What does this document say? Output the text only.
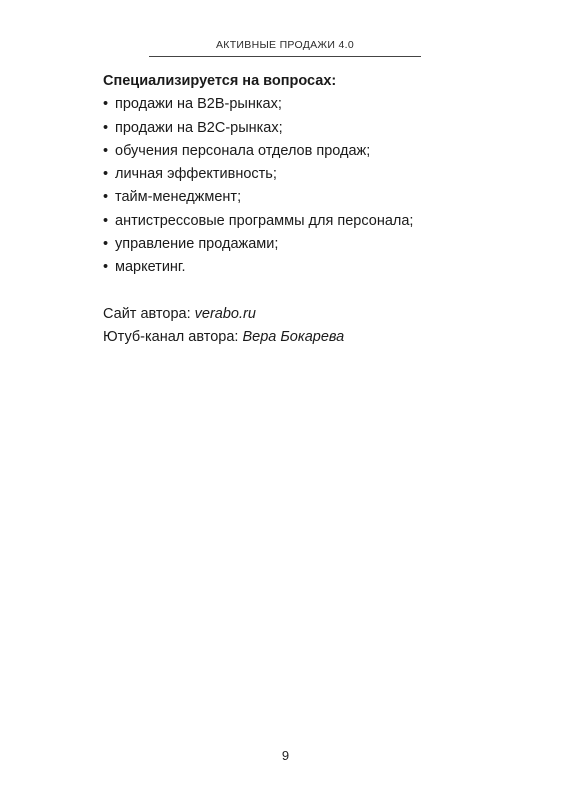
АКТИВНЫЕ ПРОДАЖИ 4.0

Специализируется на вопросах:

• продажи на B2B-рынках;
• продажи на B2C-рынках;
• обучения персонала отделов продаж;
• личная эффективность;
• тайм-менеджмент;
• антистрессовые программы для персонала;
• управление продажами;
• маркетинг.

Сайт автора: verabo.ru

Ютуб-канал автора: Вера Бокарева

9
